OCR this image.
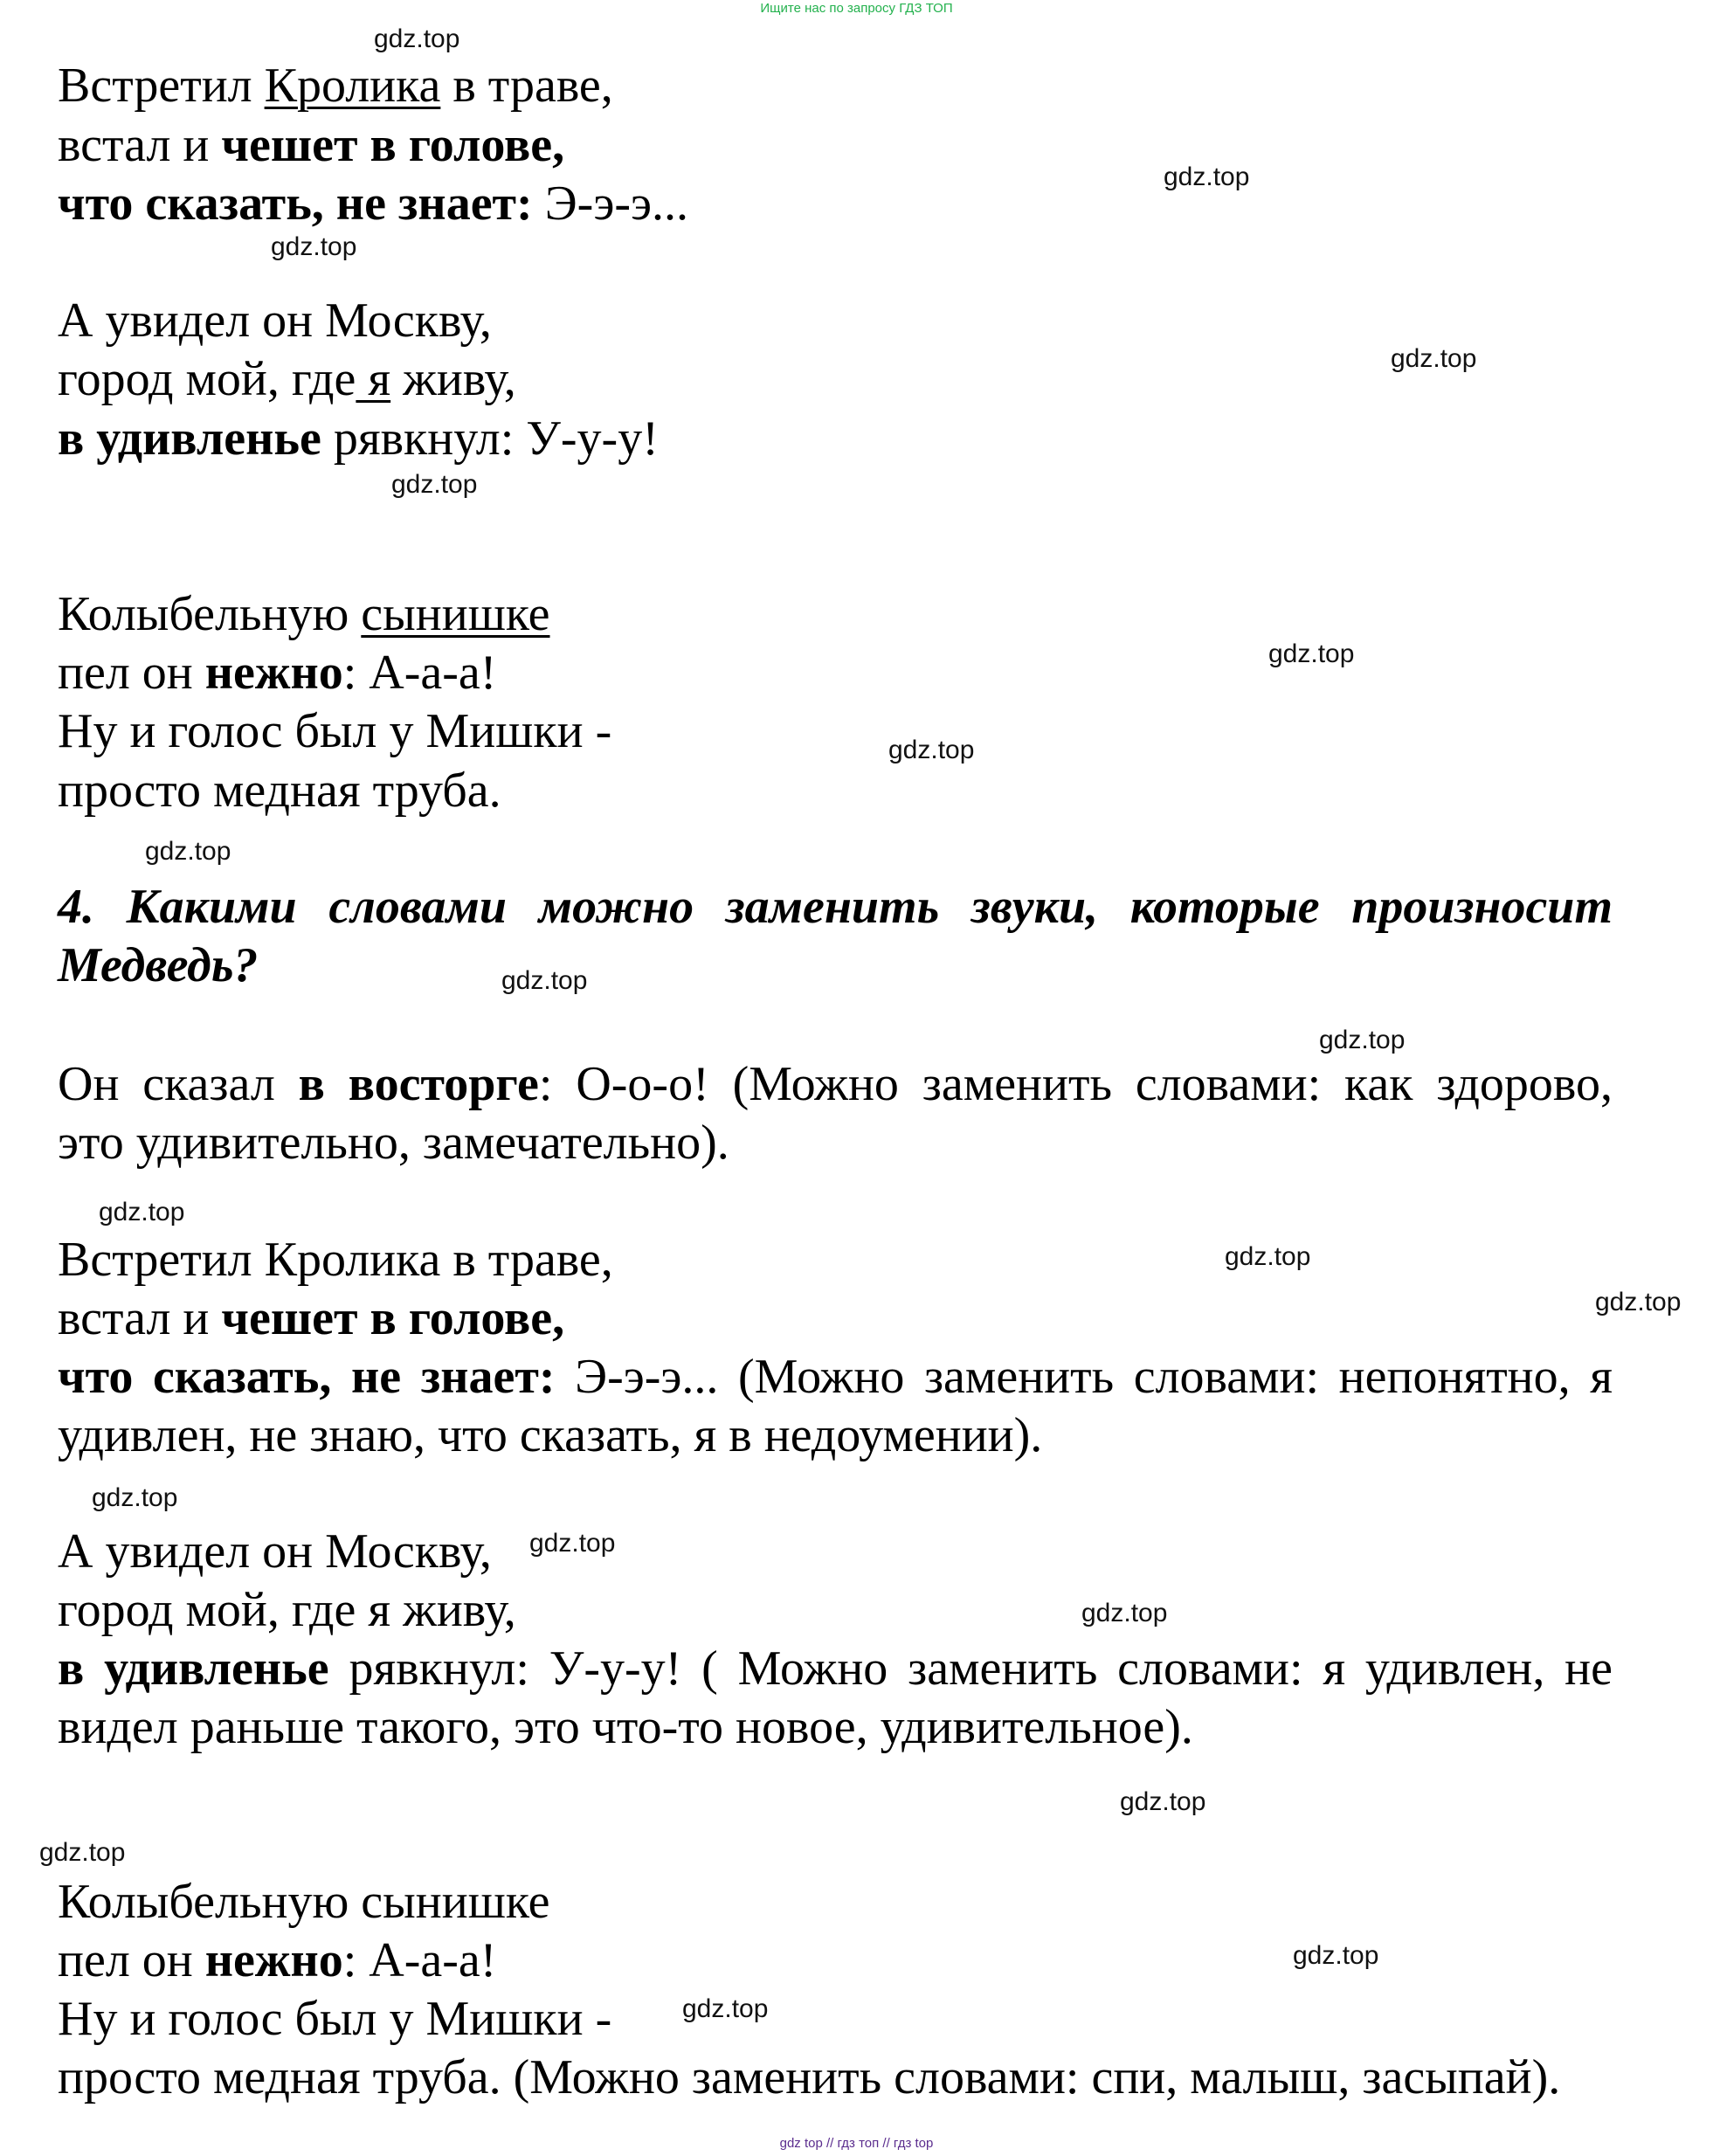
Ищите нас по запросу ГДЗ ТОП
gdz.top
gdz.top
gdz.top
gdz.top
gdz.top
gdz.top
gdz.top
gdz.top
gdz.top
gdz.top
gdz.top
gdz.top
gdz.top
gdz.top
gdz.top
gdz.top
gdz.top
gdz.top
gdz.top
gdz.top
Встретил Кролика в траве,
встал и чешет в голове,
что сказать, не знает: Э-э-э...
А увидел он Москву,
город мой, где я живу,
в удивленье рявкнул: У-у-у!
Колыбельную сынишке
пел он нежно: А-а-а!
Ну и голос был у Мишки -
просто медная труба.
4. Какими словами можно заменить звуки, которые произносит
Медведь?
Он сказал в восторге: О-о-о! (Можно заменить словами: как здорово,
это удивительно, замечательно).
Встретил Кролика в траве,
встал и чешет в голове,
что сказать, не знает: Э-э-э... (Можно заменить словами: непонятно, я
удивлен, не знаю, что сказать, я в недоумении).
А увидел он Москву,
город мой, где я живу,
в удивленье рявкнул: У-у-у! ( Можно заменить словами: я удивлен, не
видел раньше такого, это что-то новое, удивительное).
Колыбельную сынишке
пел он нежно: А-а-а!
Ну и голос был у Мишки -
просто медная труба. (Можно заменить словами: спи, малыш, засыпай).
gdz top // гдз топ // гдз top
